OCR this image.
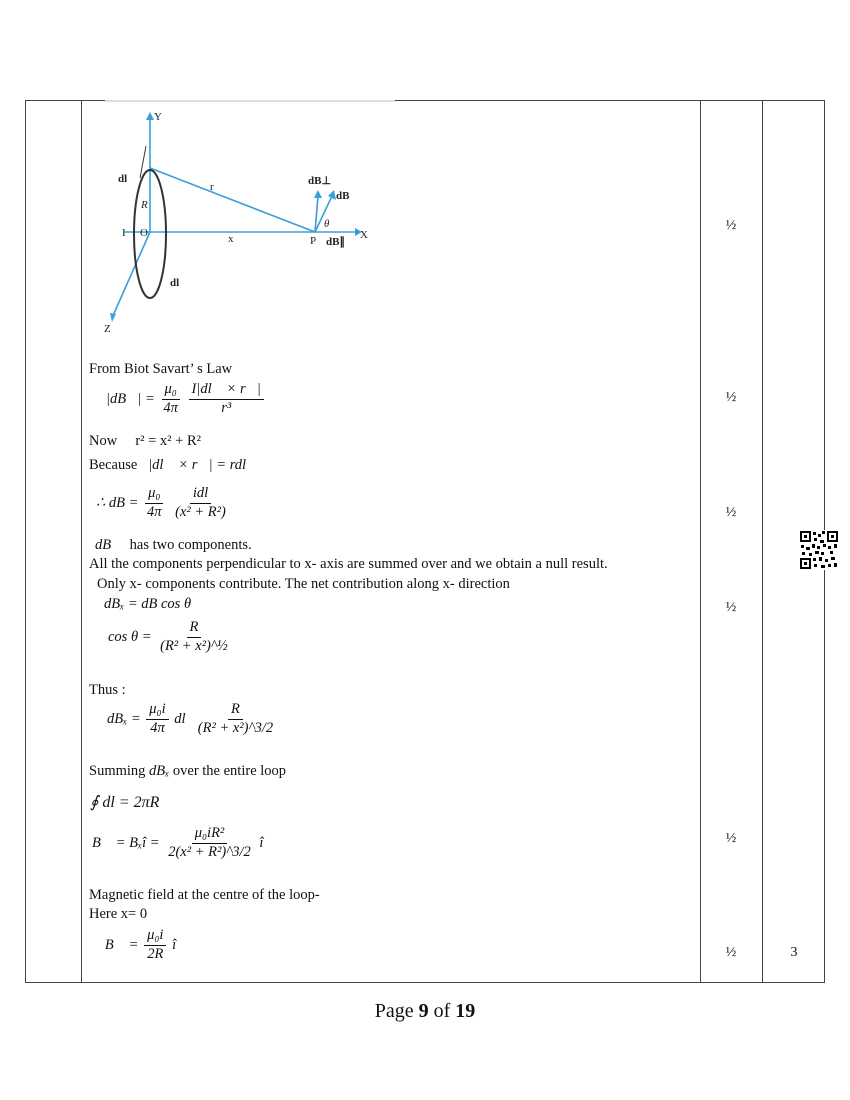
Y
X
Z
O
I
R
r
x	P
θ
dl
dl
dB
dB⊥
dB∥
From Biot Savart’ s Law
|dB⃗| = $\frac{\text{μ₀}}{4\pi}$
$\frac{I|dl⃗ \times r⃗|}{\text{r³}}$
Now r² = x² + R²
Because |dl⃗ × r⃗| = rdl
∴ dB = $\frac{\text{μ₀}}{4\pi}$
$\frac{\text{idl}}{\text{(x² + R²)}}$
dB⃗ has two components.
All the components perpendicular to x- axis are summed over and we obtain a null result.
Only x- components contribute. The net contribution along x- direction
dBₓ = dB cos θ
$\cos \theta = \frac{R}{\text{(R² + x²)\textasciicircum{}½}}$
Thus :
$dB_x = \frac{\text{μ₀i}}{4\pi}$ dl $\frac{R}{\text{(R² + x²)\textasciicircum{}3/2}}$
Summing dBₓ over the entire loop
∮ dl = 2πR
B⃗ = Bₓî = $\frac{\text{μ₀iR²}}{\text{2(x² + R²)\textasciicircum{}3/2}}$ î
Magnetic field at the centre of the loop-
Here x= 0
∴ B⃗ = $\frac{\text{μ₀i}}{2R}$ î
½
½
½
½
½
½	3
Page 9 of 19
